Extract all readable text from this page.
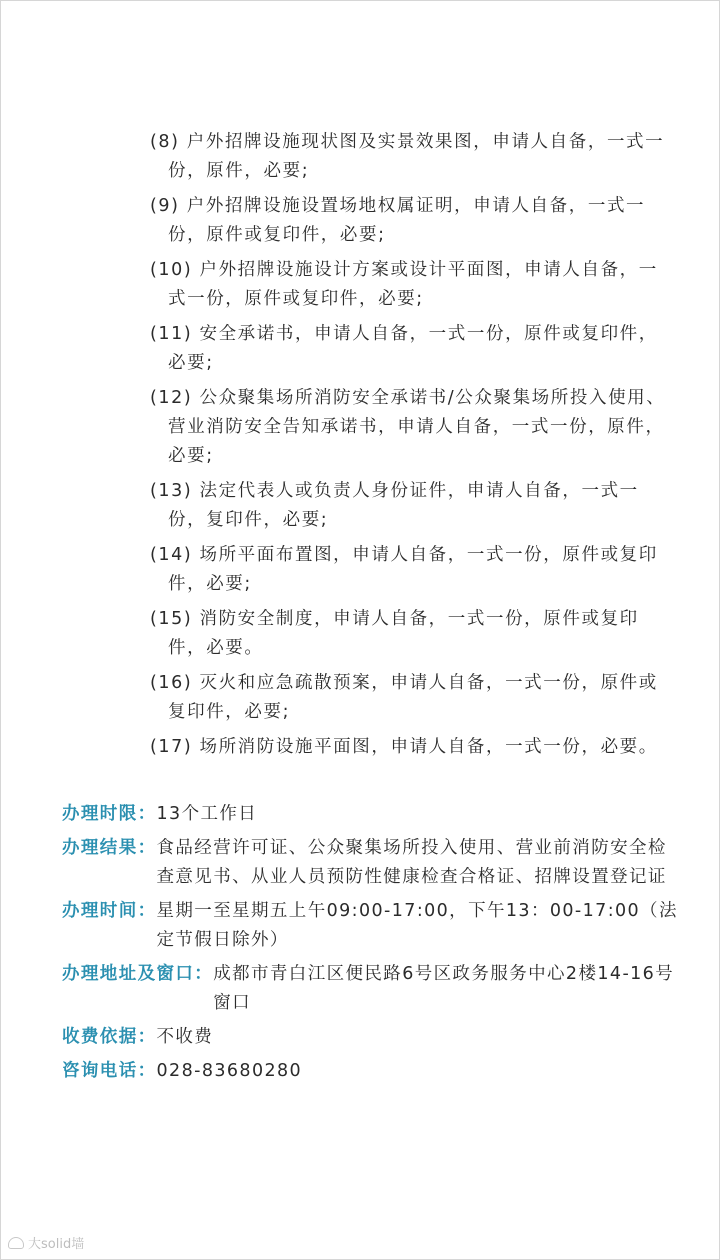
(8) 户外招牌设施现状图及实景效果图，申请人自备，一式一份，原件，必要;

(9) 户外招牌设施设置场地权属证明，申请人自备，一式一份，原件或复印件，必要;

(10) 户外招牌设施设计方案或设计平面图，申请人自备，一式一份，原件或复印件，必要;

(11) 安全承诺书，申请人自备，一式一份，原件或复印件，必要;

(12) 公众聚集场所消防安全承诺书/公众聚集场所投入使用、营业消防安全告知承诺书，申请人自备，一式一份，原件，必要;

(13) 法定代表人或负责人身份证件，申请人自备，一式一份，复印件，必要;

(14) 场所平面布置图，申请人自备，一式一份，原件或复印件，必要;

(15) 消防安全制度，申请人自备，一式一份，原件或复印件，必要。

(16) 灭火和应急疏散预案，申请人自备，一式一份，原件或复印件，必要;

(17) 场所消防设施平面图，申请人自备，一式一份，必要。

办理时限： 13个工作日
办理结果： 食品经营许可证、公众聚集场所投入使用、营业前消防安全检查意见书、从业人员预防性健康检查合格证、招牌设置登记证
办理时间： 星期一至星期五上午09:00-17:00，下午13：00-17:00（法定节假日除外）
办理地址及窗口： 成都市青白江区便民路6号区政务服务中心2楼14-16号窗口
收费依据： 不收费
咨询电话： 028-83680280
大solid墙
